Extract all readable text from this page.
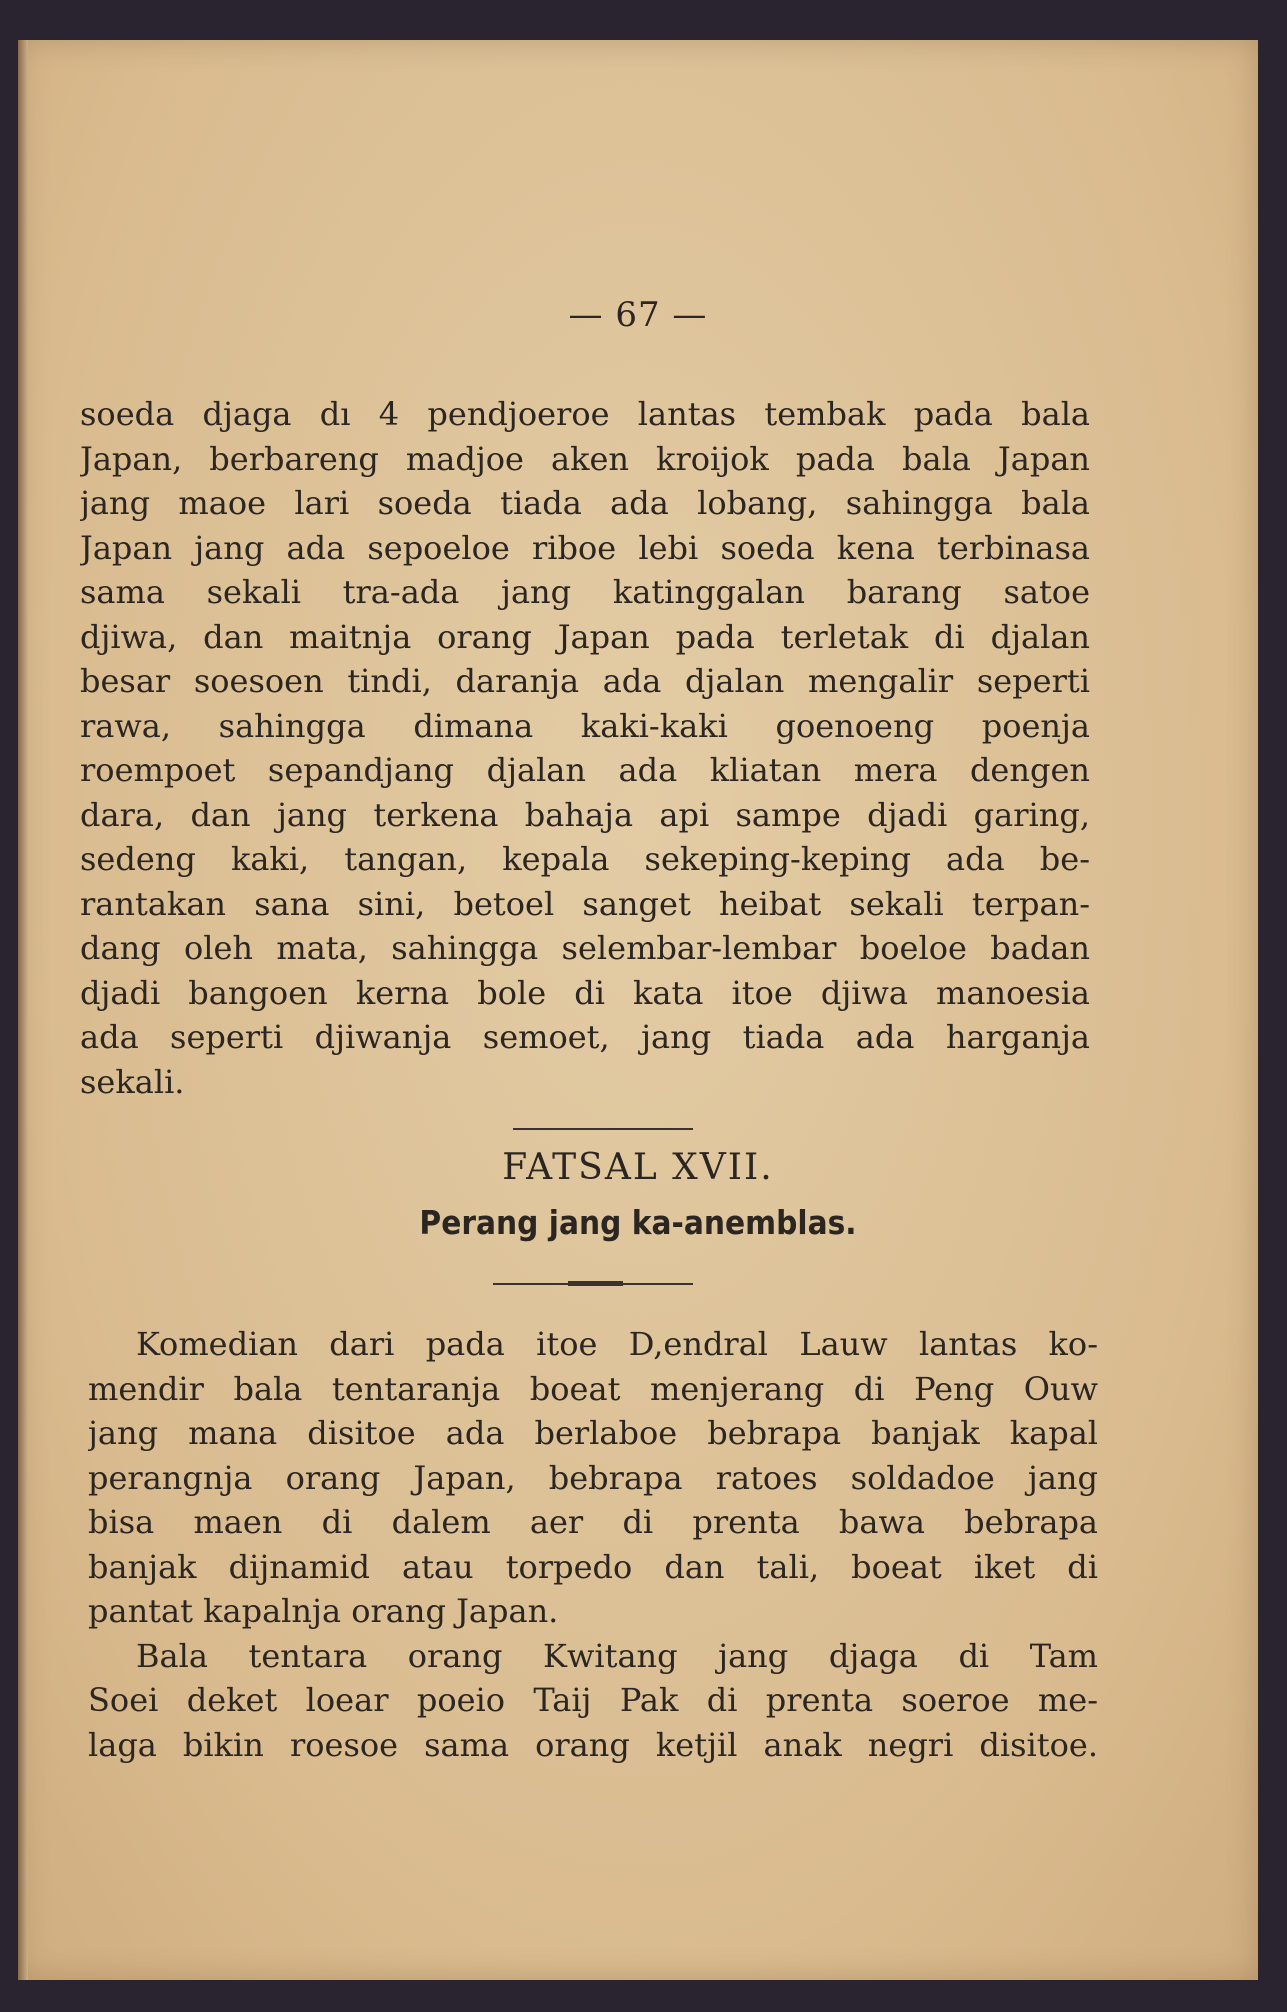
— 67 —
soeda djaga dı 4 pendjoeroe lantas tembak pada bala
Japan, berbareng madjoe aken kroijok pada bala Japan
jang maoe lari soeda tiada ada lobang, sahingga bala
Japan jang ada sepoeloe riboe lebi soeda kena terbinasa
sama sekali tra-ada jang katinggalan barang satoe
djiwa, dan maitnja orang Japan pada terletak di djalan
besar soesoen tindi, daranja ada djalan mengalir seperti
rawa, sahingga dimana kaki-kaki goenoeng poenja
roempoet sepandjang djalan ada kliatan mera dengen
dara, dan jang terkena bahaja api sampe djadi garing,
sedeng kaki, tangan, kepala sekeping-keping ada be-
rantakan sana sini, betoel sanget heibat sekali terpan-
dang oleh mata, sahingga selembar-lembar boeloe badan
djadi bangoen kerna bole di kata itoe djiwa manoesia
ada seperti djiwanja semoet, jang tiada ada harganja
sekali.
FATSAL XVII.
Perang jang ka-anemblas.
Komedian dari pada itoe D,endral Lauw lantas ko-
mendir bala tentaranja boeat menjerang di Peng Ouw
jang mana disitoe ada berlaboe bebrapa banjak kapal
perangnja orang Japan, bebrapa ratoes soldadoe jang
bisa maen di dalem aer di prenta bawa bebrapa
banjak dijnamid atau torpedo dan tali, boeat iket di
pantat kapalnja orang Japan.
Bala tentara orang Kwitang jang djaga di Tam
Soei deket loear poeio Taij Pak di prenta soeroe me-
laga bikin roesoe sama orang ketjil anak negri disitoe.
